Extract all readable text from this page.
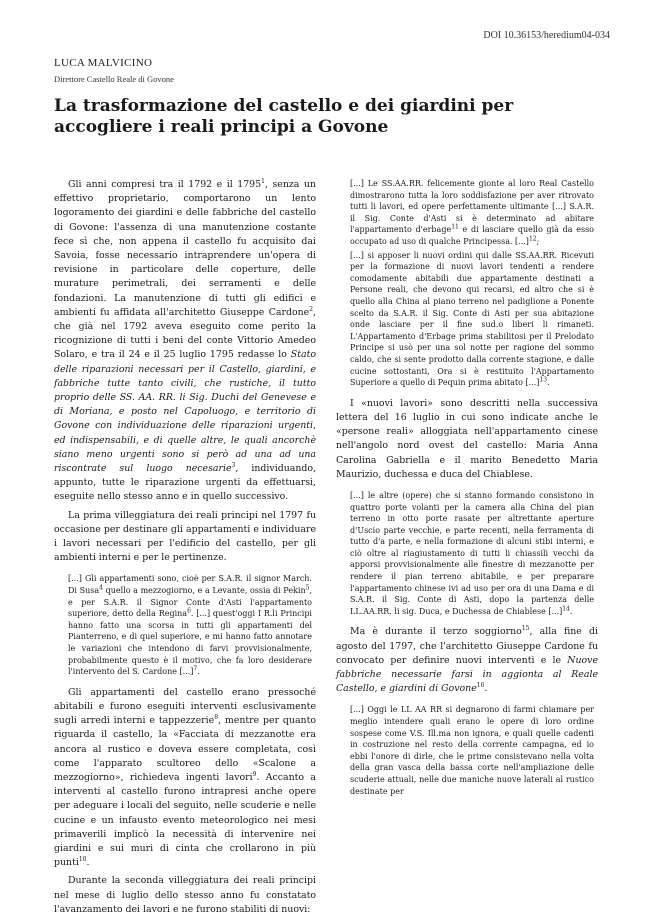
DOI 10.36153/heredium04-034
LUCA MALVICINO
Direttore Castello Reale di Govone
La trasformazione del castello e dei giardini per accogliere i reali principi a Govone

Gli anni compresi tra il 1792 e il 1795$^1$, senza un effettivo proprietario, comportarono un lento logoramento dei giardini e delle fabbriche del castello di Govone: l'assenza di una manutenzione costante fece sì che, non appena il castello fu acquisito dai Savoia, fosse necessario intraprendere un'opera di revisione in particolare delle coperture, delle murature perimetrali, dei serramenti e delle fondazioni. La manutenzione di tutti gli edifici e ambienti fu affidata all'architetto Giuseppe Cardone$^2$, che già nel 1792 aveva eseguito come perito la ricognizione di tutti i beni del conte Vittorio Amedeo Solaro, e tra il 24 e il 25 luglio 1795 redasse lo Stato delle riparazioni necessari per il Castello, giardini, e fabbriche tutte tanto civili, che rustiche, il tutto proprio delle SS. AA. RR. li Sig. Duchi del Genevese e di Moriana, e posto nel Capoluogo, e territorio di Govone con individuazione delle riparazioni urgenti, ed indispensabili, e di quelle altre, le quali ancorchè siano meno urgenti sono si però ad una ad una riscontrate sul luogo necesarie$^3$, individuando, appunto, tutte le riparazione urgenti da effettuarsi, eseguite nello stesso anno e in quello successivo.

La prima villeggiatura dei reali principi nel 1797 fu occasione per destinare gli appartamenti e individuare i lavori necessari per l'edificio del castello, per gli ambienti interni e per le pertinenze.

[...] Gli appartamenti sono, cioè per S.A.R. il signor March. Di Susa$^4$ quello a mezzogiorno, e a Levante, ossia di Pekin$^5$, e per S.A.R. il Signor Conte d'Asti l'appartamento superiore, detto della Regina$^6$. [...] quest'oggi I R.li Principi hanno fatto una scorsa in tutti gli appartamenti del Pianterreno, e di quel superiore, e mi hanno fatto annotare le variazioni che intendono di farvi provvisionalmente, probabilmente questo è il motivo, che fa loro desiderare l'intervento del S. Cardone [...]$^7$.

Gli appartamenti del castello erano pressoché abitabili e furono eseguiti interventi esclusivamente sugli arredi interni e tappezzerie$^8$, mentre per quanto riguarda il castello, la «Facciata di mezzanotte era ancora al rustico e doveva essere completata, così come l'apparato scultoreo dello «Scalone a mezzogiorno», richiedeva ingenti lavori$^9$. Accanto a interventi al castello furono intrapresi anche opere per adeguare i locali del seguito, nelle scuderie e nelle cucine e un infausto evento meteorologico nei mesi primaverili implicò la necessità di intervenire nei giardini e sui muri di cinta che crollarono in più punti$^{10}$.

Durante la seconda villeggiatura dei reali principi nel mese di luglio dello stesso anno fu constatato l'avanzamento dei lavori e ne furono stabiliti di nuovi:

[...] Le SS.AA.RR. felicemente gionte al loro Real Castello dimostrarono tutta la loro soddisfazione per aver ritrovato tutti li lavori, ed opere perfettamente ultimante [...] S.A.R. il Sig. Conte d'Asti si è determinato ad abitare l'appartamento d'erbage$^{11}$ e di lasciare quello già da esso occupato ad uso di qualche Principessa. [...]$^{12}$;

[...] si apposer li nuovi ordini qui dalle SS.AA.RR. Ricevuti per la formazione di nuovi lavori tendenti a rendere comodamente abitabili due appartamente destinati a Persone reali, che devono qui recarsi, ed altro che si è quello alla China al piano terreno nel padiglione a Ponente scelto da S.A.R. il Sig. Conte di Asti per sua abitazione onde lasciare per il fine sud.o liberi li rimaneti. L'Appartamento d'Erbage prima stabilitosi per il Prelodato Principe si usò per una sol notte per ragione del sommo caldo, che si sente prodotto dalla corrente stagione, e dalle cucine sottostanti, Ora si è restituito l'Appartamento Superiore a quello di Pequin prima abitato [...]$^{13}$.

I «nuovi lavori» sono descritti nella successiva lettera del 16 luglio in cui sono indicate anche le «persone reali» alloggiata nell'appartamento cinese nell'angolo nord ovest del castello: Maria Anna Carolina Gabriella e il marito Benedetto Maria Maurizio, duchessa e duca del Chiablese.

[...] le altre (opere) che si stanno formando consistono in quattro porte volanti per la camera alla China del pian terreno in otto porte rasate per altrettante aperture d'Uscio parte vecchie, e parte recenti, nella ferramenta di tutto d'a parte, e nella formazione di alcuni stibi interni, e ciò oltre al riagiustamento di tutti li chiassili vecchi da apporsi provvisionalmente alle finestre di mezzanotte per rendere il pian terreno abitabile, e per preparare l'appartamento chinese ivi ad uso per ora di una Dama e di S.A.R. il Sig. Conte di Asti, dopo la partenza delle LL.AA.RR. li sig. Duca, e Duchessa de Chiablese [...]$^{14}$.

Ma è durante il terzo soggiorno$^{15}$, alla fine di agosto del 1797, che l'architetto Giuseppe Cardone fu convocato per definire nuovi interventi e le Nuove fabbriche necessarie farsi in aggionta al Reale Castello, e giardini di Govone$^{16}$.

[...] Oggi le LL AA RR si degnarono di farmi chiamare per meglio intendere quali erano le opere di loro ordine sospese come V.S. Ill.ma non ignora, e quali quelle cadenti in costruzione nel resto della corrente campagna, ed io ebbi l'onore di dirle, che le prime consistevano nella volta della gran vasca della bassa corte nell'ampliazione delle scuderie attuali, nelle due maniche nuove laterali al rustico destinate per
